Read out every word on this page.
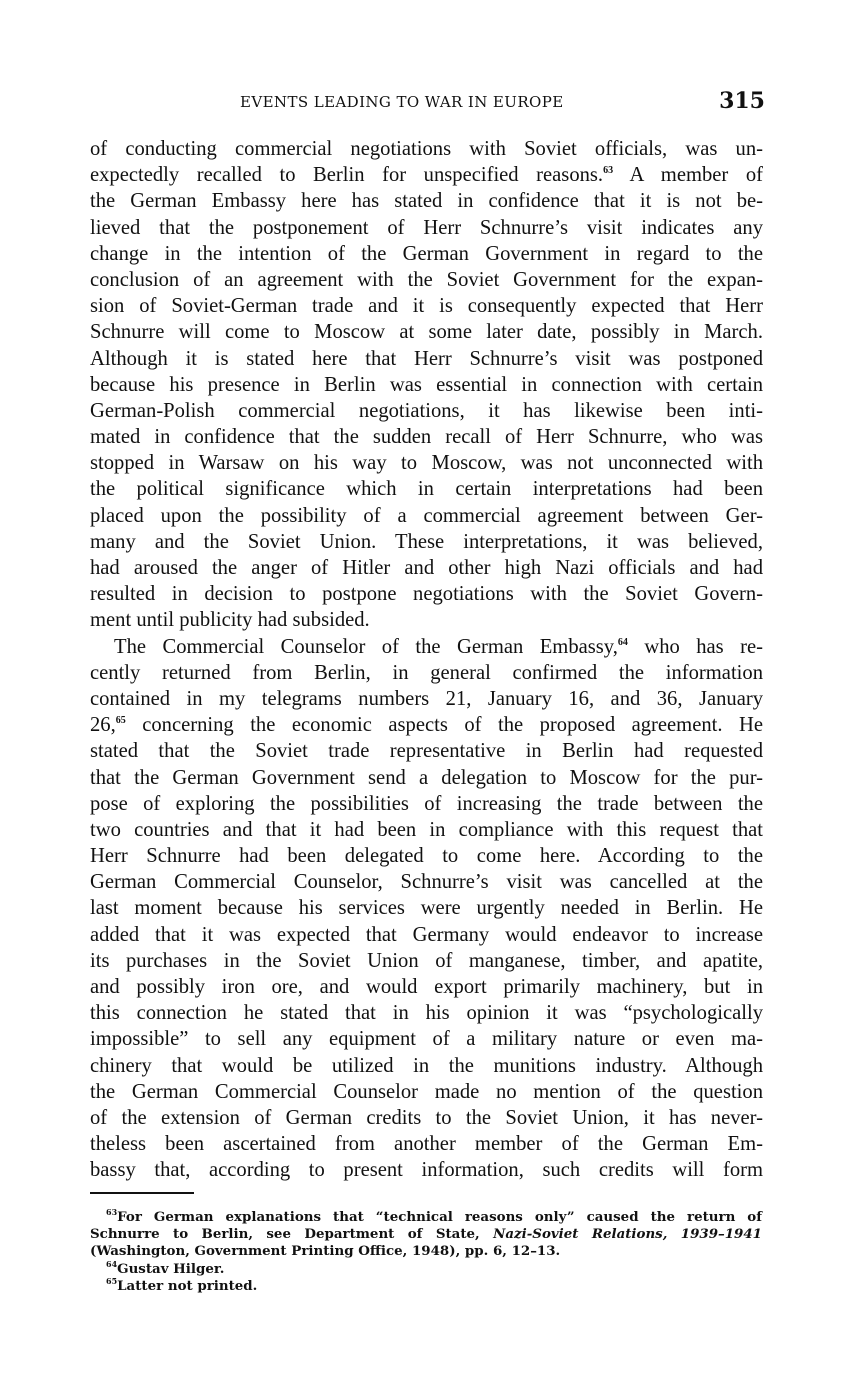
EVENTS LEADING TO WAR IN EUROPE	315
of conducting commercial negotiations with Soviet officials, was un-
expectedly recalled to Berlin for unspecified reasons.$^{63}$ A member of
the German Embassy here has stated in confidence that it is not be-
lieved that the postponement of Herr Schnurre’s visit indicates any
change in the intention of the German Government in regard to the
conclusion of an agreement with the Soviet Government for the expan-
sion of Soviet-German trade and it is consequently expected that Herr
Schnurre will come to Moscow at some later date, possibly in March.
Although it is stated here that Herr Schnurre’s visit was postponed
because his presence in Berlin was essential in connection with certain
German-Polish commercial negotiations, it has likewise been inti-
mated in confidence that the sudden recall of Herr Schnurre, who was
stopped in Warsaw on his way to Moscow, was not unconnected with
the political significance which in certain interpretations had been
placed upon the possibility of a commercial agreement between Ger-
many and the Soviet Union. These interpretations, it was believed,
had aroused the anger of Hitler and other high Nazi officials and had
resulted in decision to postpone negotiations with the Soviet Govern-
ment until publicity had subsided.
The Commercial Counselor of the German Embassy,$^{64}$ who has re-
cently returned from Berlin, in general confirmed the information
contained in my telegrams numbers 21, January 16, and 36, January
26,65 concerning the economic aspects of the proposed agreement. He
stated that the Soviet trade representative in Berlin had requested
that the German Government send a delegation to Moscow for the pur-
pose of exploring the possibilities of increasing the trade between the
two countries and that it had been in compliance with this request that
Herr Schnurre had been delegated to come here. According to the
German Commercial Counselor, Schnurre’s visit was cancelled at the
last moment because his services were urgently needed in Berlin. He
added that it was expected that Germany would endeavor to increase
its purchases in the Soviet Union of manganese, timber, and apatite,
and possibly iron ore, and would export primarily machinery, but in
this connection he stated that in his opinion it was “psychologically
impossible” to sell any equipment of a military nature or even ma-
chinery that would be utilized in the munitions industry. Although
the German Commercial Counselor made no mention of the question
of the extension of German credits to the Soviet Union, it has never-
theless been ascertained from another member of the German Em-
bassy that, according to present information, such credits will form
$^{63}$For German explanations that “technical reasons only” caused the return of
Schnurre to Berlin, see Department of State, Nazi-Soviet Relations, 1939–1941
(Washington, Government Printing Office, 1948), pp. 6, 12–13.
$^{64}$Gustav Hilger.
$^{65}$Latter not printed.
